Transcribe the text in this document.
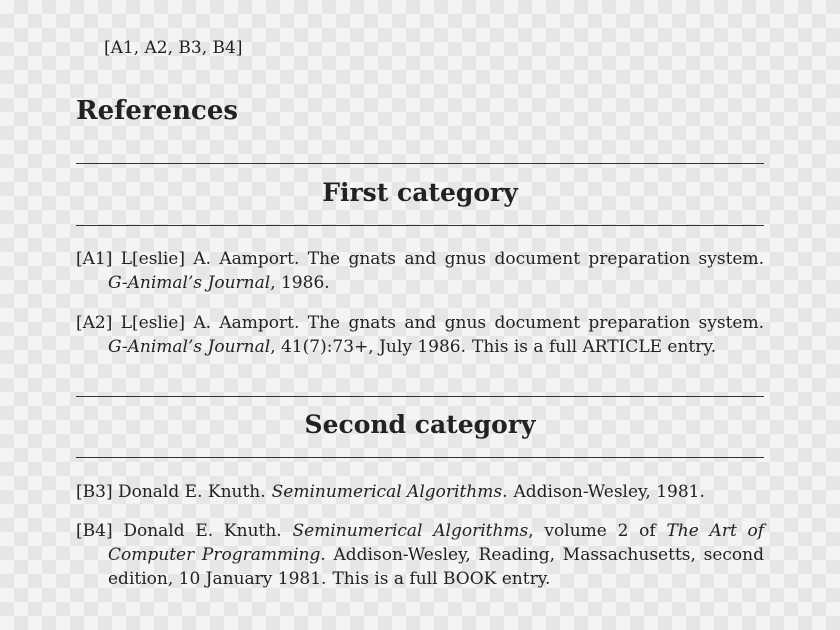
[A1, A2, B3, B4]
References
First category
[A1] L[eslie] A. Aamport. The gnats and gnus document preparation system.
G-Animal’s Journal, 1986.
[A2] L[eslie] A. Aamport. The gnats and gnus document preparation system.
G-Animal’s Journal, 41(7):73+, July 1986. This is a full ARTICLE entry.
Second category
[B3] Donald E. Knuth. Seminumerical Algorithms. Addison-Wesley, 1981.
[B4] Donald E. Knuth. Seminumerical Algorithms, volume 2 of The Art of
Computer Programming. Addison-Wesley, Reading, Massachusetts, second
edition, 10 January 1981. This is a full BOOK entry.
